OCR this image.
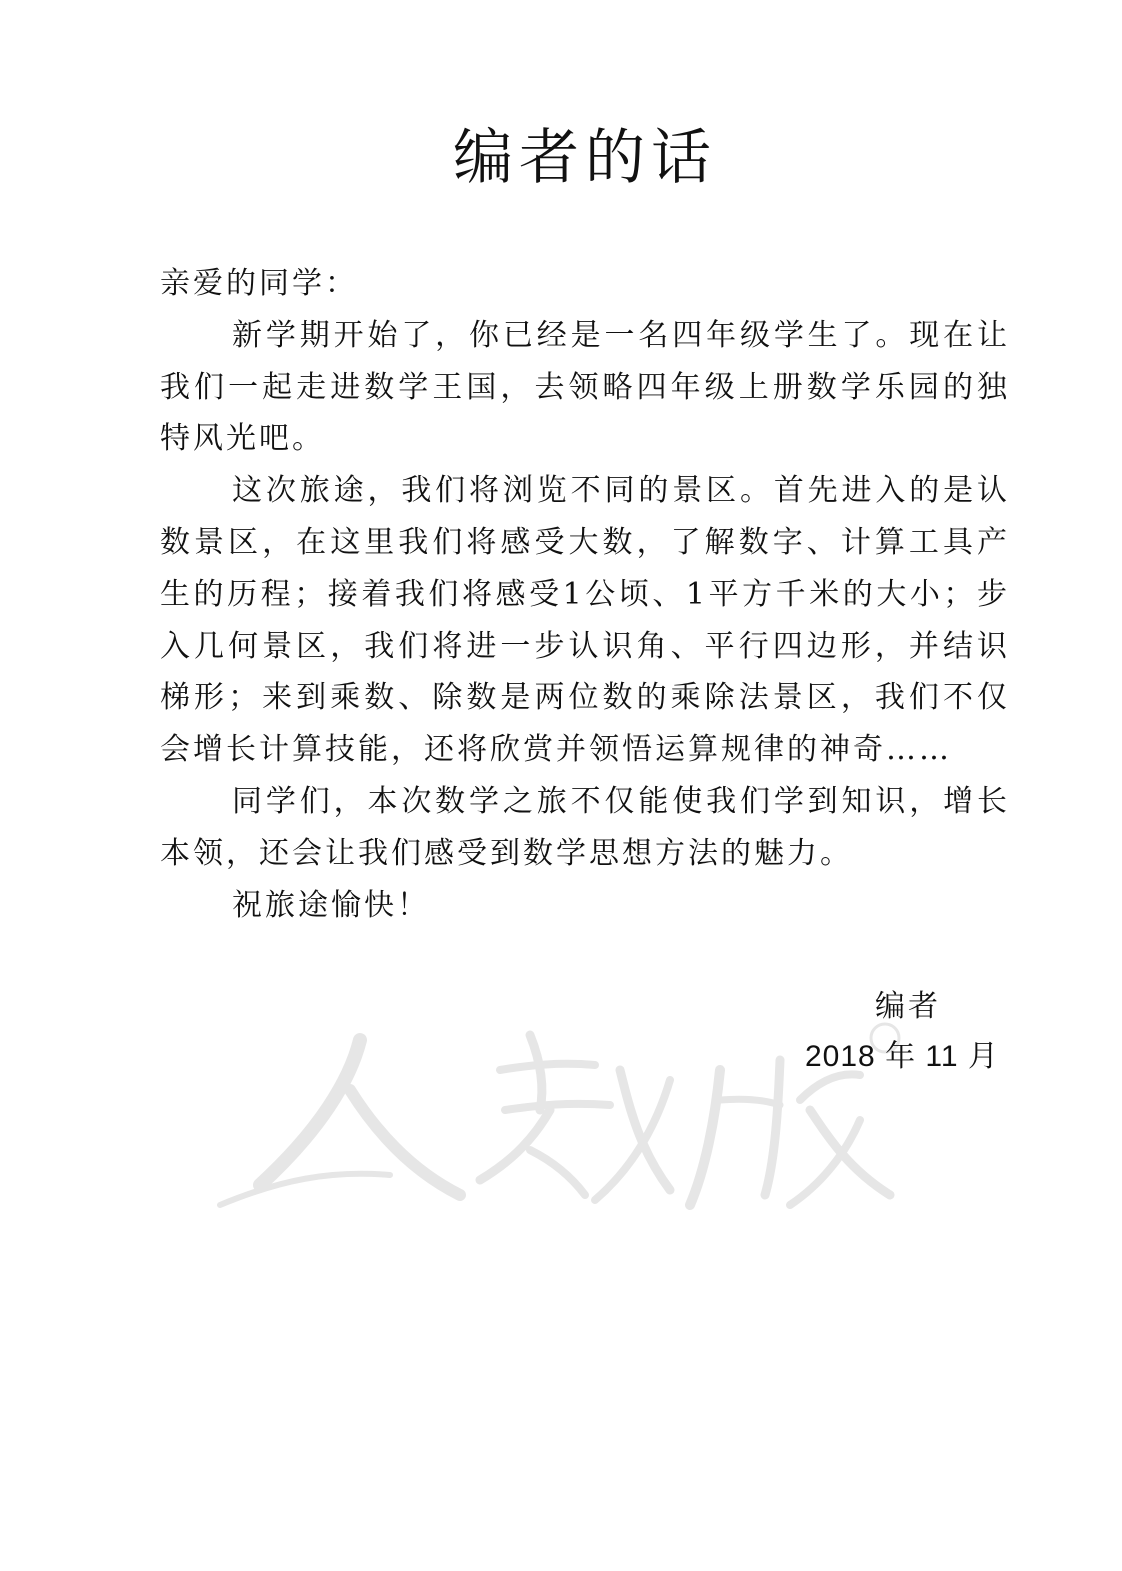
编者的话

亲爱的同学：

新学期开始了，你已经是一名四年级学生了。现在让我们一起走进数学王国，去领略四年级上册数学乐园的独特风光吧。

这次旅途，我们将浏览不同的景区。首先进入的是认数景区，在这里我们将感受大数，了解数字、计算工具产生的历程；接着我们将感受1公顷、1平方千米的大小；步入几何景区，我们将进一步认识角、平行四边形，并结识梯形；来到乘数、除数是两位数的乘除法景区，我们不仅会增长计算技能，还将欣赏并领悟运算规律的神奇……

同学们，本次数学之旅不仅能使我们学到知识，增长本领，还会让我们感受到数学思想方法的魅力。

祝旅途愉快！

编者
2018 年 11 月
